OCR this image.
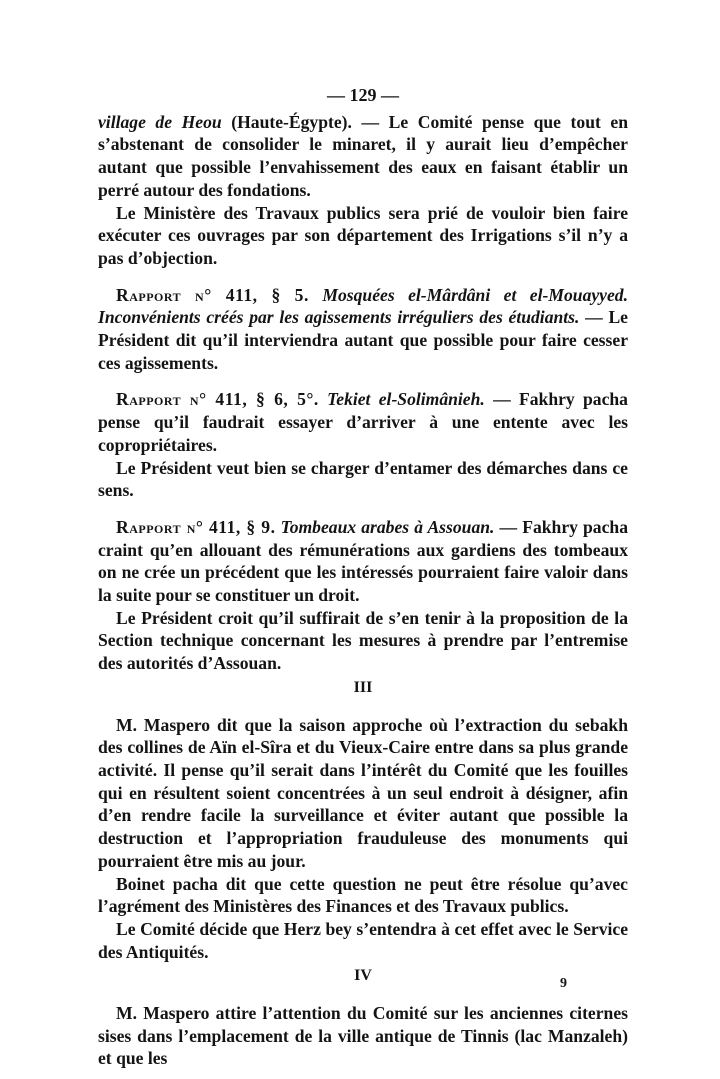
— 129 —

village de Heou (Haute-Égypte). — Le Comité pense que tout en s’abstenant de consolider le minaret, il y aurait lieu d’empêcher autant que possible l’envahissement des eaux en faisant établir un perré autour des fondations.

Le Ministère des Travaux publics sera prié de vouloir bien faire exécuter ces ouvrages par son département des Irrigations s’il n’y a pas d’objection.

Rapport n° 411, § 5. Mosquées el-Mârdâni et el-Mouayyed. Inconvénients créés par les agissements irréguliers des étudiants. — Le Président dit qu’il interviendra autant que possible pour faire cesser ces agissements.

Rapport n° 411, § 6, 5°. Tekiet el-Solimânieh. — Fakhry pacha pense qu’il faudrait essayer d’arriver à une entente avec les copropriétaires.

Le Président veut bien se charger d’entamer des démarches dans ce sens.

Rapport n° 411, § 9. Tombeaux arabes à Assouan. — Fakhry pacha craint qu’en allouant des rémunérations aux gardiens des tombeaux on ne crée un précédent que les intéressés pourraient faire valoir dans la suite pour se constituer un droit.

Le Président croit qu’il suffirait de s’en tenir à la proposition de la Section technique concernant les mesures à prendre par l’entremise des autorités d’Assouan.

III

M. Maspero dit que la saison approche où l’extraction du sebakh des collines de Aïn el-Sîra et du Vieux-Caire entre dans sa plus grande activité. Il pense qu’il serait dans l’intérêt du Comité que les fouilles qui en résultent soient concentrées à un seul endroit à désigner, afin d’en rendre facile la surveillance et éviter autant que possible la destruction et l’appropriation frauduleuse des monuments qui pourraient être mis au jour.

Boinet pacha dit que cette question ne peut être résolue qu’avec l’agrément des Ministères des Finances et des Travaux publics.

Le Comité décide que Herz bey s’entendra à cet effet avec le Service des Antiquités.

IV

M. Maspero attire l’attention du Comité sur les anciennes citernes sises dans l’emplacement de la ville antique de Tinnis (lac Manzaleh) et que les

9
